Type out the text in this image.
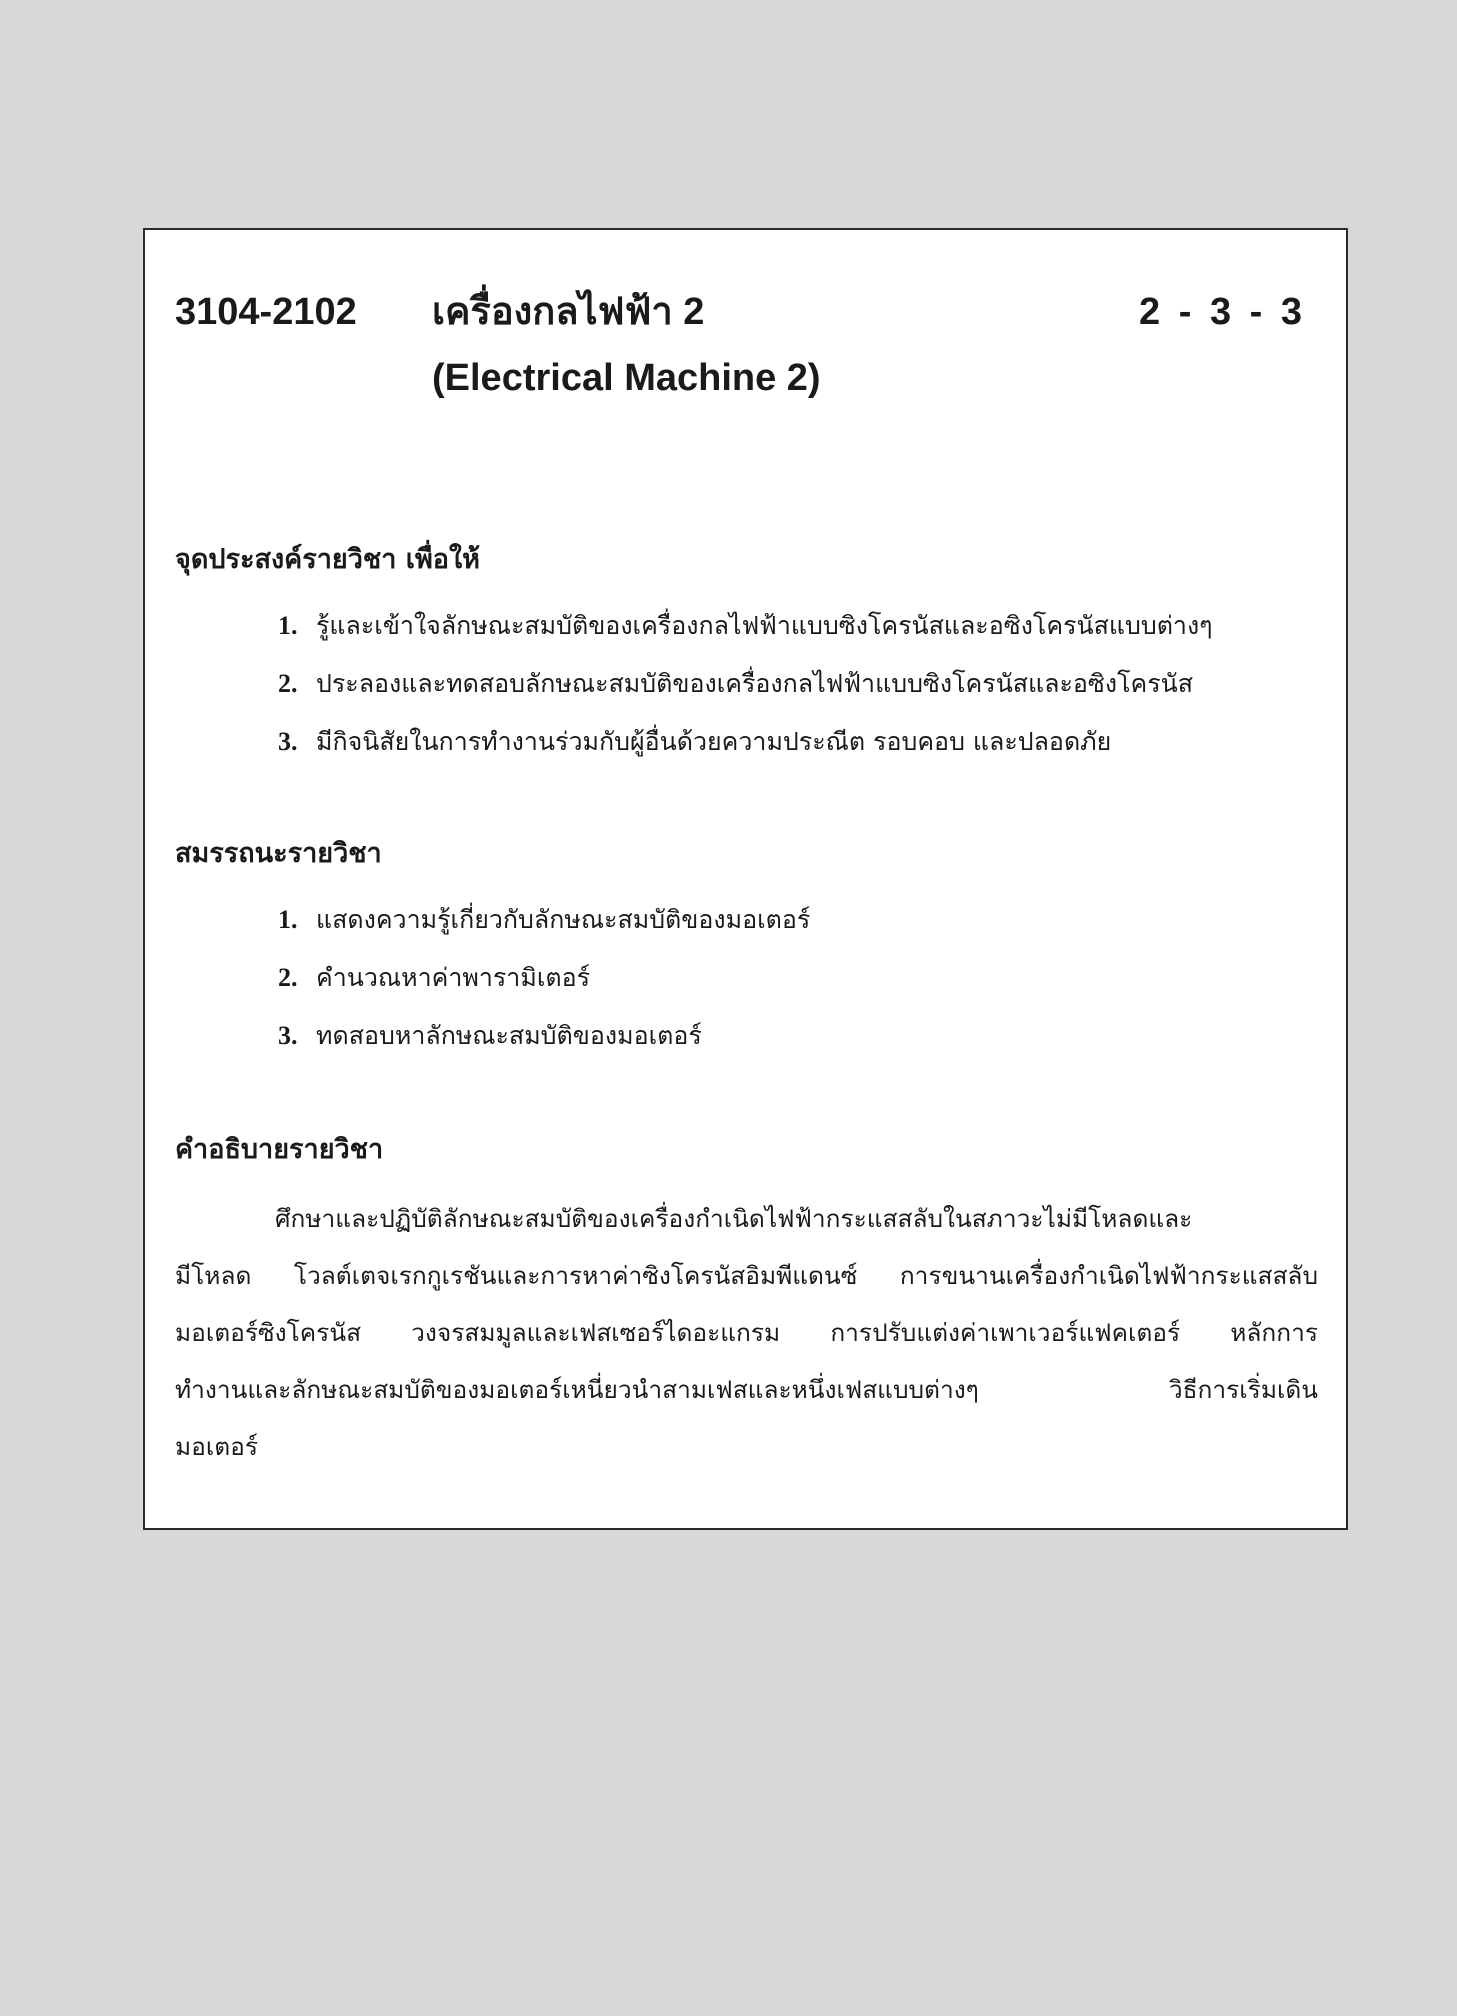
3104-2102 เครื่องกลไฟฟ้า 2
(Electrical Machine 2)
2 - 3 - 3
จุดประสงค์รายวิชา เพื่อให้
1. รู้และเข้าใจลักษณะสมบัติของเครื่องกลไฟฟ้าแบบซิงโครนัสและอซิงโครนัสแบบต่างๆ
2. ประลองและทดสอบลักษณะสมบัติของเครื่องกลไฟฟ้าแบบซิงโครนัสและอซิงโครนัส
3. มีกิจนิสัยในการทำงานร่วมกับผู้อื่นด้วยความประณีต รอบคอบ และปลอดภัย
สมรรถนะรายวิชา
1. แสดงความรู้เกี่ยวกับลักษณะสมบัติของมอเตอร์
2. คำนวณหาค่าพารามิเตอร์
3. ทดสอบหาลักษณะสมบัติของมอเตอร์
คำอธิบายรายวิชา
ศึกษาและปฏิบัติลักษณะสมบัติของเครื่องกำเนิดไฟฟ้ากระแสสลับในสภาวะไม่มีโหลดและ
มีโหลด โวลต์เตจเรกกูเรชันและการหาค่าซิงโครนัสอิมพีแดนซ์ การขนานเครื่องกำเนิดไฟฟ้ากระแสสลับ
มอเตอร์ซิงโครนัส วงจรสมมูลและเฟสเซอร์ไดอะแกรม การปรับแต่งค่าเพาเวอร์แฟคเตอร์ หลักการ
ทำงานและลักษณะสมบัติของมอเตอร์เหนี่ยวนำสามเฟสและหนึ่งเฟสแบบต่างๆ วิธีการเริ่มเดิน
มอเตอร์
